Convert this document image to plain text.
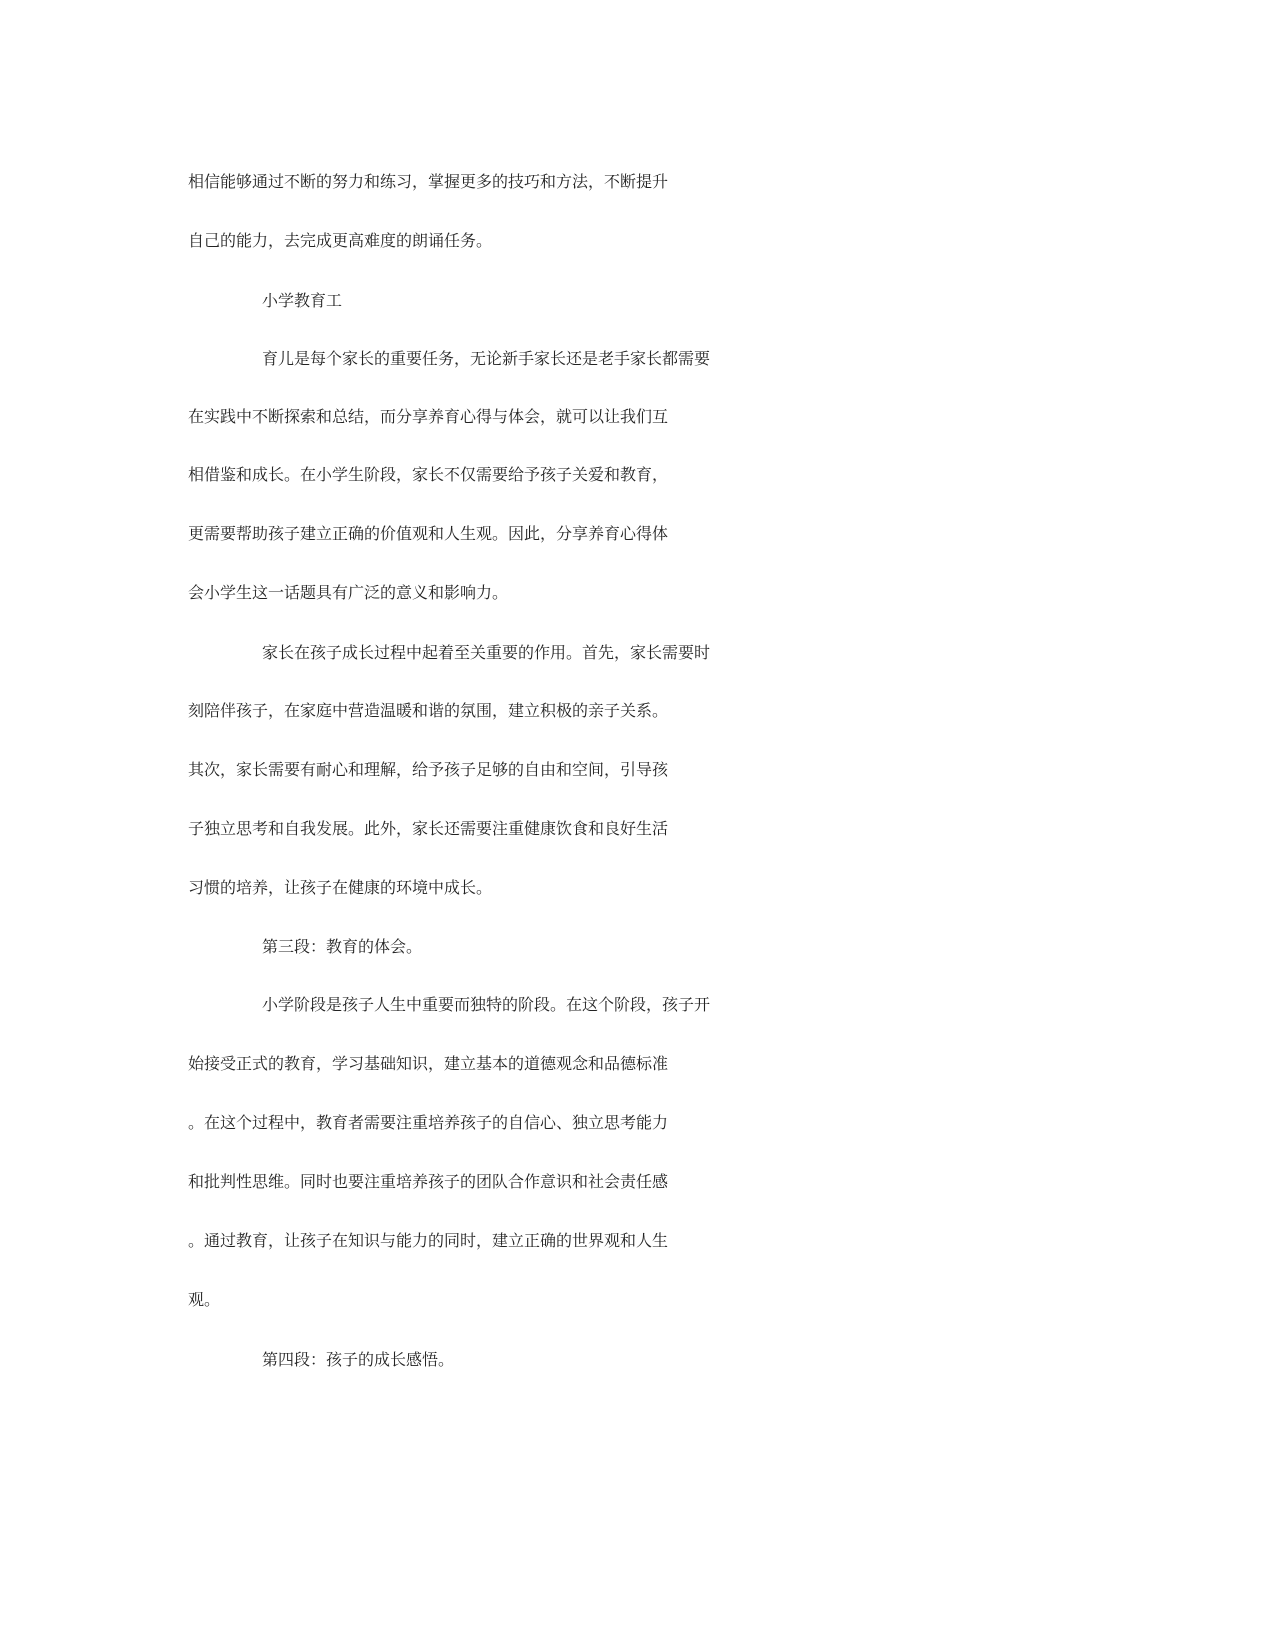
相信能够通过不断的努力和练习，掌握更多的技巧和方法，不断提升
自己的能力，去完成更高难度的朗诵任务。
小学教育工
育儿是每个家长的重要任务，无论新手家长还是老手家长都需要
在实践中不断探索和总结，而分享养育心得与体会，就可以让我们互
相借鉴和成长。在小学生阶段，家长不仅需要给予孩子关爱和教育，
更需要帮助孩子建立正确的价值观和人生观。因此，分享养育心得体
会小学生这一话题具有广泛的意义和影响力。
家长在孩子成长过程中起着至关重要的作用。首先，家长需要时
刻陪伴孩子，在家庭中营造温暖和谐的氛围，建立积极的亲子关系。
其次，家长需要有耐心和理解，给予孩子足够的自由和空间，引导孩
子独立思考和自我发展。此外，家长还需要注重健康饮食和良好生活
习惯的培养，让孩子在健康的环境中成长。
第三段：教育的体会。
小学阶段是孩子人生中重要而独特的阶段。在这个阶段，孩子开
始接受正式的教育，学习基础知识，建立基本的道德观念和品德标准
。在这个过程中，教育者需要注重培养孩子的自信心、独立思考能力
和批判性思维。同时也要注重培养孩子的团队合作意识和社会责任感
。通过教育，让孩子在知识与能力的同时，建立正确的世界观和人生
观。
第四段：孩子的成长感悟。
